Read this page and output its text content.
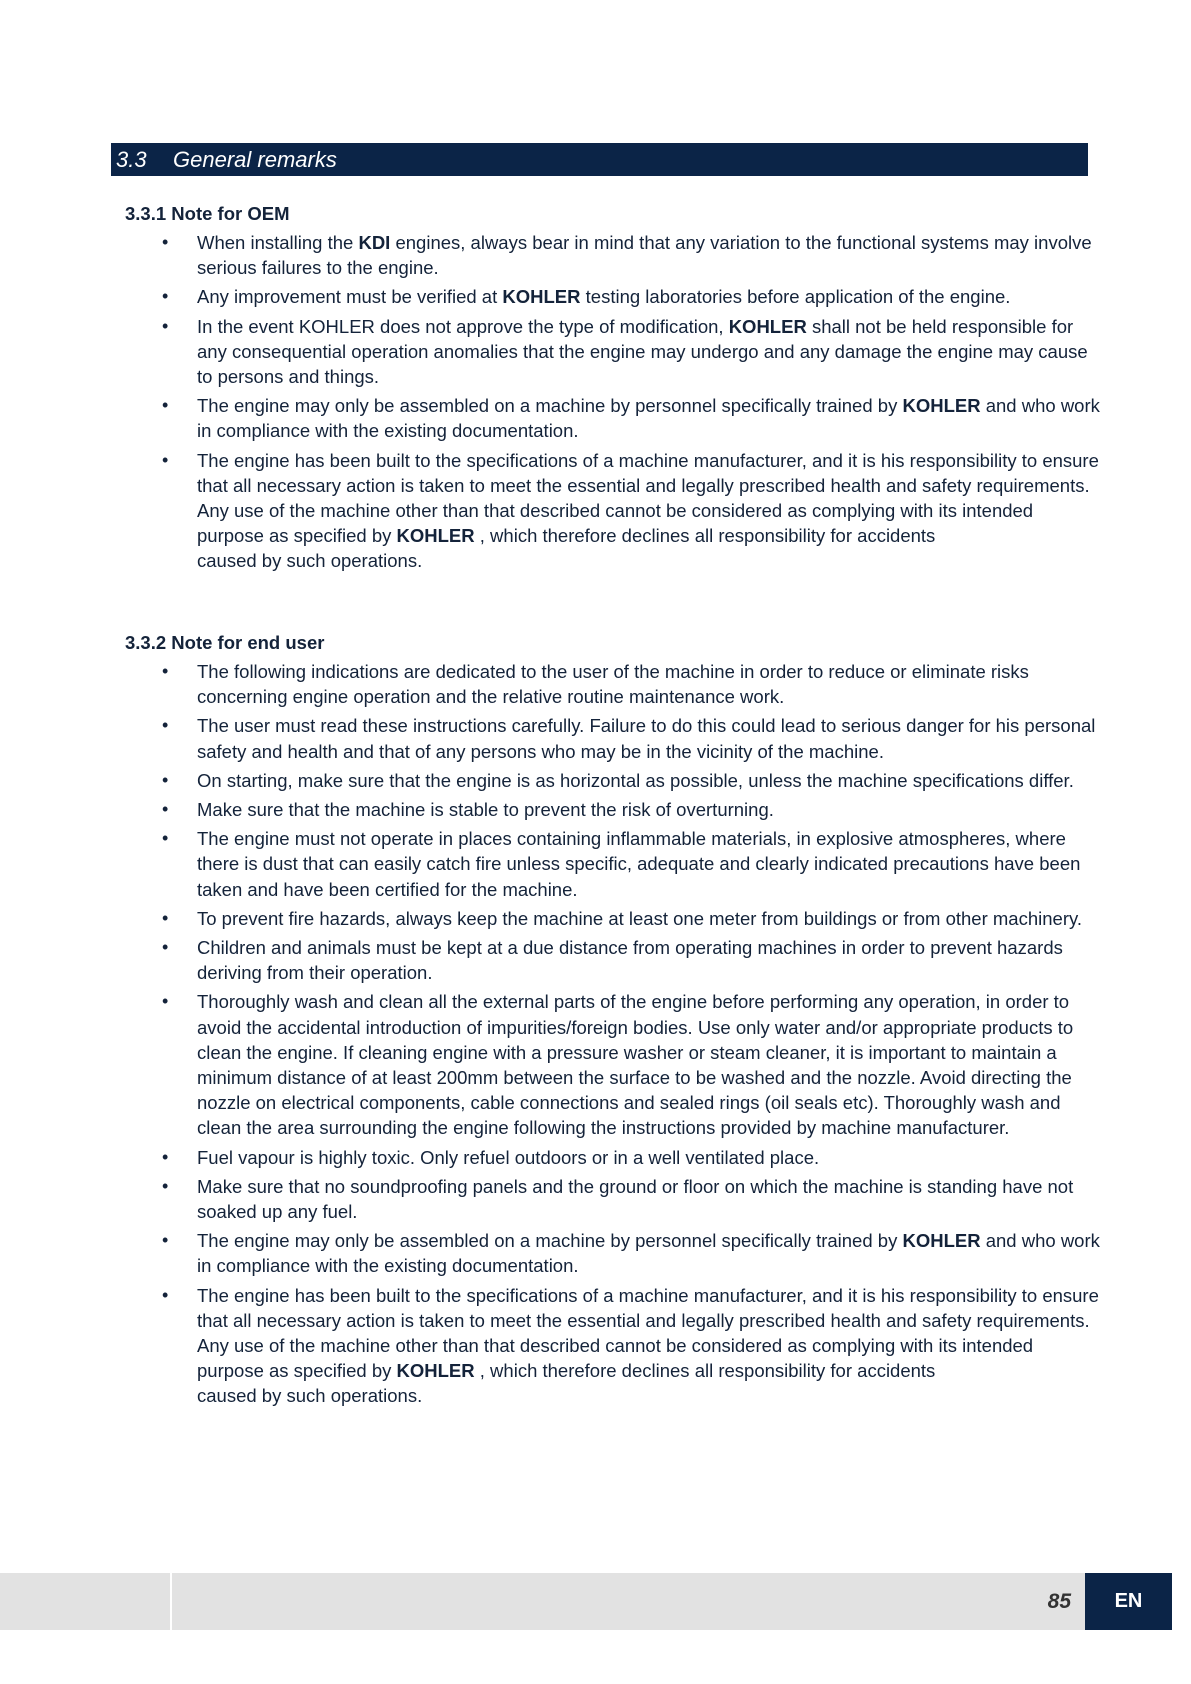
3.3 General remarks
3.3.1 Note for OEM
• When installing the KDI engines, always bear in mind that any variation to the functional systems may involve serious failures to the engine.
• Any improvement must be verified at KOHLER testing laboratories before application of the engine.
• In the event KOHLER does not approve the type of modification, KOHLER shall not be held responsible for any consequential operation anomalies that the engine may undergo and any damage the engine may cause to persons and things.
• The engine may only be assembled on a machine by personnel specifically trained by KOHLER and who work in compliance with the existing documentation.
• The engine has been built to the specifications of a machine manufacturer, and it is his responsibility to ensure that all necessary action is taken to meet the essential and legally prescribed health and safety requirements. Any use of the machine other than that described cannot be considered as complying with its intended purpose as specified by KOHLER , which therefore declines all responsibility for accidents
caused by such operations.
3.3.2 Note for end user
• The following indications are dedicated to the user of the machine in order to reduce or eliminate risks concerning engine operation and the relative routine maintenance work.
• The user must read these instructions carefully. Failure to do this could lead to serious danger for his personal safety and health and that of any persons who may be in the vicinity of the machine.
• On starting, make sure that the engine is as horizontal as possible, unless the machine specifications differ.
• Make sure that the machine is stable to prevent the risk of overturning.
• The engine must not operate in places containing inflammable materials, in explosive atmospheres, where there is dust that can easily catch fire unless specific, adequate and clearly indicated precautions have been taken and have been certified for the machine.
• To prevent fire hazards, always keep the machine at least one meter from buildings or from other machinery.
• Children and animals must be kept at a due distance from operating machines in order to prevent hazards deriving from their operation.
• Thoroughly wash and clean all the external parts of the engine before performing any operation, in order to avoid the accidental introduction of impurities/foreign bodies. Use only water and/or appropriate products to clean the engine. If cleaning engine with a pressure washer or steam cleaner, it is important to maintain a minimum distance of at least 200mm between the surface to be washed and the nozzle. Avoid directing the nozzle on electrical components, cable connections and sealed rings (oil seals etc). Thoroughly wash and clean the area surrounding the engine following the instructions provided by machine manufacturer.
• Fuel vapour is highly toxic. Only refuel outdoors or in a well ventilated place.
• Make sure that no soundproofing panels and the ground or floor on which the machine is standing have not soaked up any fuel.
• The engine may only be assembled on a machine by personnel specifically trained by KOHLER and who work in compliance with the existing documentation.
• The engine has been built to the specifications of a machine manufacturer, and it is his responsibility to ensure that all necessary action is taken to meet the essential and legally prescribed health and safety requirements. Any use of the machine other than that described cannot be considered as complying with its intended purpose as specified by KOHLER , which therefore declines all responsibility for accidents
caused by such operations.
85	EN
